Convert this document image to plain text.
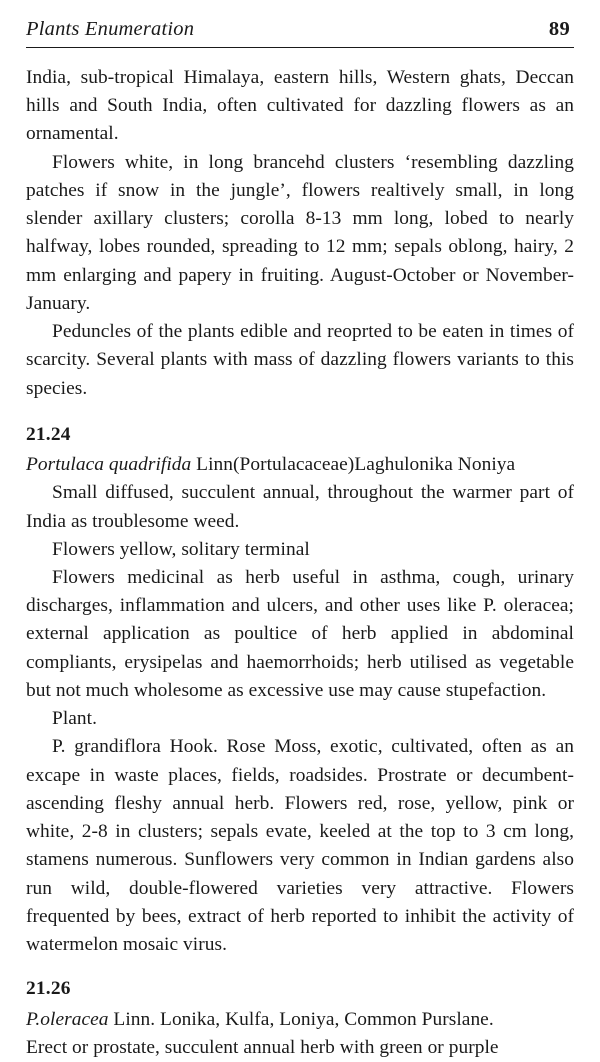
Plants Enumeration	89

India, sub-tropical Himalaya, eastern hills, Western ghats, Deccan hills and South India, often cultivated for dazzling flowers as an ornamental.

Flowers white, in long brancehd clusters ‘resembling dazzling patches if snow in the jungle’, flowers realtively small, in long slender axillary clusters; corolla 8-13 mm long, lobed to nearly halfway, lobes rounded, spreading to 12 mm; sepals oblong, hairy, 2 mm enlarging and papery in fruiting. August-October or November-January.

Peduncles of the plants edible and reoprted to be eaten in times of scarcity. Several plants with mass of dazzling flowers variants to this species.

21.24

Portulaca quadrifida Linn(Portulacaceae)Laghulonika Noniya

Small diffused, succulent annual, throughout the warmer part of India as troublesome weed.

Flowers yellow, solitary terminal

Flowers medicinal as herb useful in asthma, cough, urinary discharges, inflammation and ulcers, and other uses like P. oleracea; external application as poultice of herb applied in abdominal compliants, erysipelas and haemorrhoids; herb utilised as vegetable but not much wholesome as excessive use may cause stupefaction.

Plant.

P. grandiflora Hook. Rose Moss, exotic, cultivated, often as an excape in waste places, fields, roadsides. Prostrate or decumbent-ascending fleshy annual herb. Flowers red, rose, yellow, pink or white, 2-8 in clusters; sepals evate, keeled at the top to 3 cm long, stamens numerous. Sunflowers very common in Indian gardens also run wild, double-flowered varieties very attractive. Flowers frequented by bees, extract of herb reported to inhibit the activity of watermelon mosaic virus.

21.26

P.oleracea Linn. Lonika, Kulfa, Loniya, Common Purslane.

Erect or prostate, succulent annual herb with green or purple
